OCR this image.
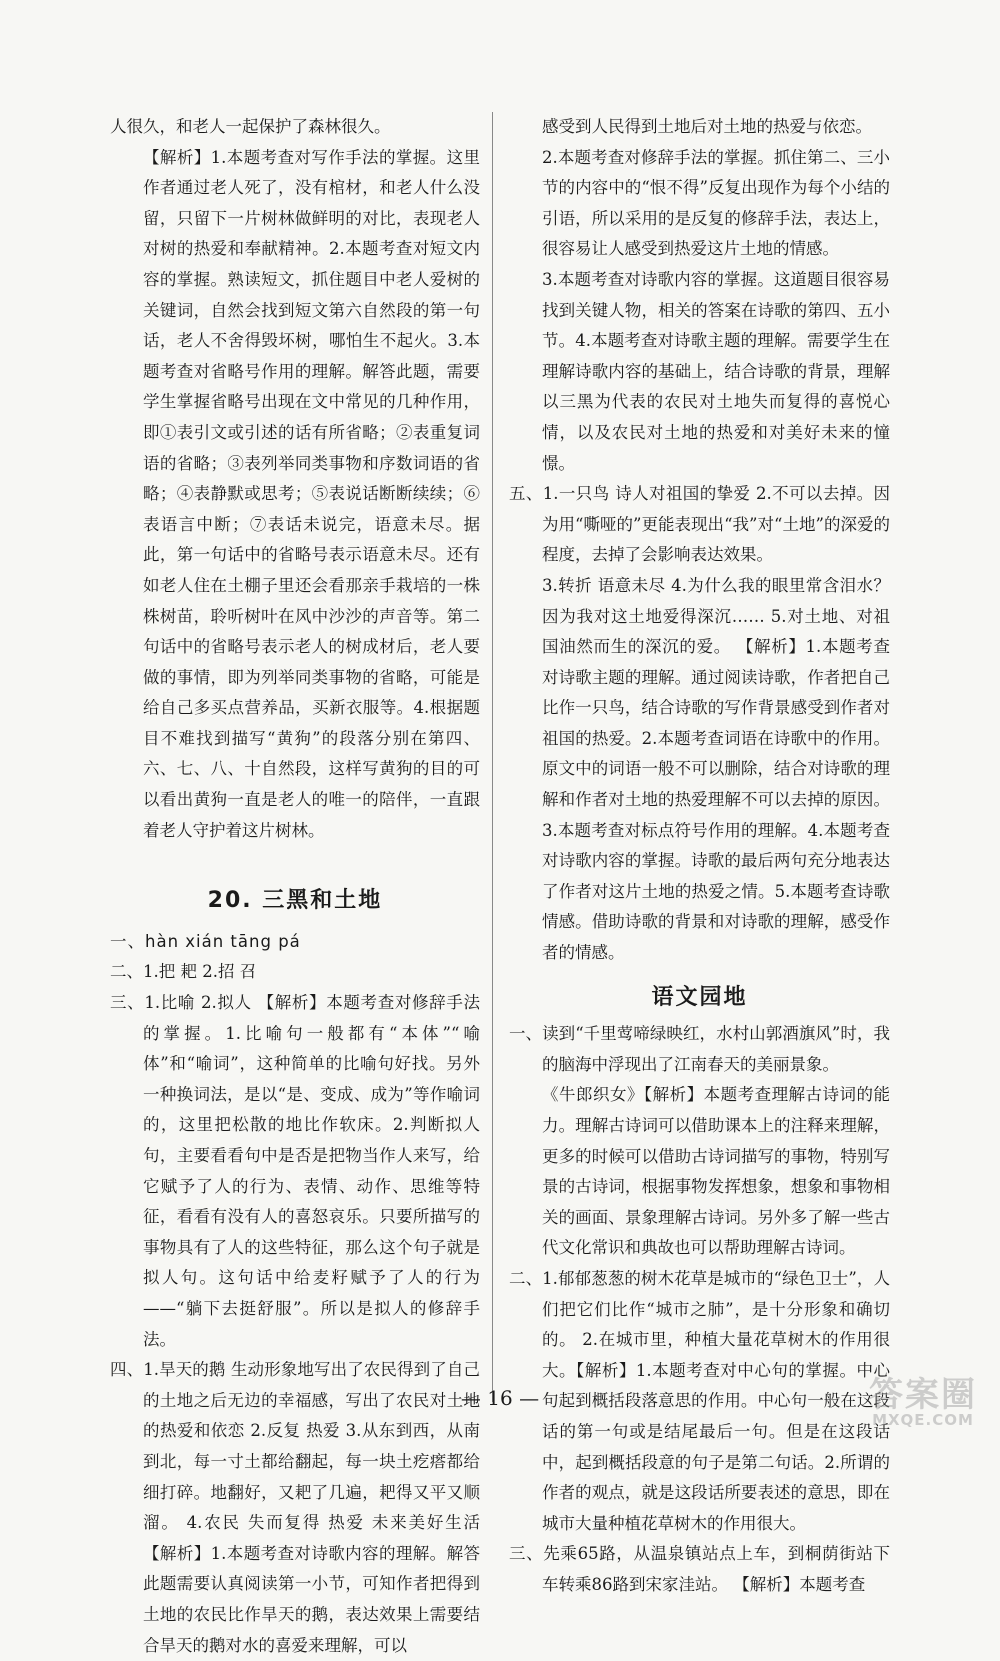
人很久，和老人一起保护了森林很久。

【解析】1.本题考查对写作手法的掌握。这里作者通过老人死了，没有棺材，和老人什么没留，只留下一片树林做鲜明的对比，表现老人对树的热爱和奉献精神。2.本题考查对短文内容的掌握。熟读短文，抓住题目中老人爱树的关键词，自然会找到短文第六自然段的第一句话，老人不舍得毁坏树，哪怕生不起火。3.本题考查对省略号作用的理解。解答此题，需要学生掌握省略号出现在文中常见的几种作用，即①表引文或引述的话有所省略；②表重复词语的省略；③表列举同类事物和序数词语的省略；④表静默或思考；⑤表说话断断续续；⑥表语言中断；⑦表话未说完，语意未尽。据此，第一句话中的省略号表示语意未尽。还有如老人住在土棚子里还会看那亲手栽培的一株株树苗，聆听树叶在风中沙沙的声音等。第二句话中的省略号表示老人的树成材后，老人要做的事情，即为列举同类事物的省略，可能是给自己多买点营养品，买新衣服等。4.根据题目不难找到描写“黄狗”的段落分别在第四、六、七、八、十自然段，这样写黄狗的目的可以看出黄狗一直是老人的唯一的陪伴，一直跟着老人守护着这片树林。

20. 三黑和土地

一、hàn xián tāng pá

二、1.把 耙 2.招 召

三、1.比喻 2.拟人 【解析】本题考查对修辞手法的掌握。1.比喻句一般都有“本体”“喻体”和“喻词”，这种简单的比喻句好找。另外一种换词法，是以“是、变成、成为”等作喻词的，这里把松散的地比作软床。2.判断拟人句，主要看看句中是否是把物当作人来写，给它赋予了人的行为、表情、动作、思维等特征，看看有没有人的喜怒哀乐。只要所描写的事物具有了人的这些特征，那么这个句子就是拟人句。这句话中给麦籽赋予了人的行为——“躺下去挺舒服”。所以是拟人的修辞手法。

四、1.旱天的鹅 生动形象地写出了农民得到了自己的土地之后无边的幸福感，写出了农民对土地的热爱和依恋 2.反复 热爱 3.从东到西，从南到北，每一寸土都给翻起，每一块土疙瘩都给细打碎。地翻好，又耙了几遍，耙得又平又顺溜。 4.农民 失而复得 热爱 未来美好生活 【解析】1.本题考查对诗歌内容的理解。解答此题需要认真阅读第一小节，可知作者把得到土地的农民比作旱天的鹅，表达效果上需要结合旱天的鹅对水的喜爱来理解，可以

感受到人民得到土地后对土地的热爱与依恋。

2.本题考查对修辞手法的掌握。抓住第二、三小节的内容中的“恨不得”反复出现作为每个小结的引语，所以采用的是反复的修辞手法，表达上，很容易让人感受到热爱这片土地的情感。

3.本题考查对诗歌内容的掌握。这道题目很容易找到关键人物，相关的答案在诗歌的第四、五小节。4.本题考查对诗歌主题的理解。需要学生在理解诗歌内容的基础上，结合诗歌的背景，理解以三黑为代表的农民对土地失而复得的喜悦心情，以及农民对土地的热爱和对美好未来的憧憬。

五、1.一只鸟 诗人对祖国的挚爱 2.不可以去掉。因为用“嘶哑的”更能表现出“我”对“土地”的深爱的程度，去掉了会影响表达效果。

3.转折 语意未尽 4.为什么我的眼里常含泪水？因为我对这土地爱得深沉…… 5.对土地、对祖国油然而生的深沉的爱。 【解析】1.本题考查对诗歌主题的理解。通过阅读诗歌，作者把自己比作一只鸟，结合诗歌的写作背景感受到作者对祖国的热爱。2.本题考查词语在诗歌中的作用。原文中的词语一般不可以删除，结合对诗歌的理解和作者对土地的热爱理解不可以去掉的原因。3.本题考查对标点符号作用的理解。4.本题考查对诗歌内容的掌握。诗歌的最后两句充分地表达了作者对这片土地的热爱之情。5.本题考查诗歌情感。借助诗歌的背景和对诗歌的理解，感受作者的情感。

语文园地

一、读到“千里莺啼绿映红，水村山郭酒旗风”时，我的脑海中浮现出了江南春天的美丽景象。

《牛郎织女》【解析】本题考查理解古诗词的能力。理解古诗词可以借助课本上的注释来理解，更多的时候可以借助古诗词描写的事物，特别写景的古诗词，根据事物发挥想象，想象和事物相关的画面、景象理解古诗词。另外多了解一些古代文化常识和典故也可以帮助理解古诗词。

二、1.郁郁葱葱的树木花草是城市的“绿色卫士”，人们把它们比作“城市之肺”，是十分形象和确切的。 2.在城市里，种植大量花草树木的作用很大。【解析】1.本题考查对中心句的掌握。中心句起到概括段落意思的作用。中心句一般在这段话的第一句或是结尾最后一句。但是在这段话中，起到概括段意的句子是第二句话。2.所谓的作者的观点，就是这段话所要表述的意思，即在城市大量种植花草树木的作用很大。

三、先乘65路，从温泉镇站点上车，到桐荫街站下车转乘86路到宋家洼站。 【解析】本题考查

— 16 —	答案圈
MXQE.COM
